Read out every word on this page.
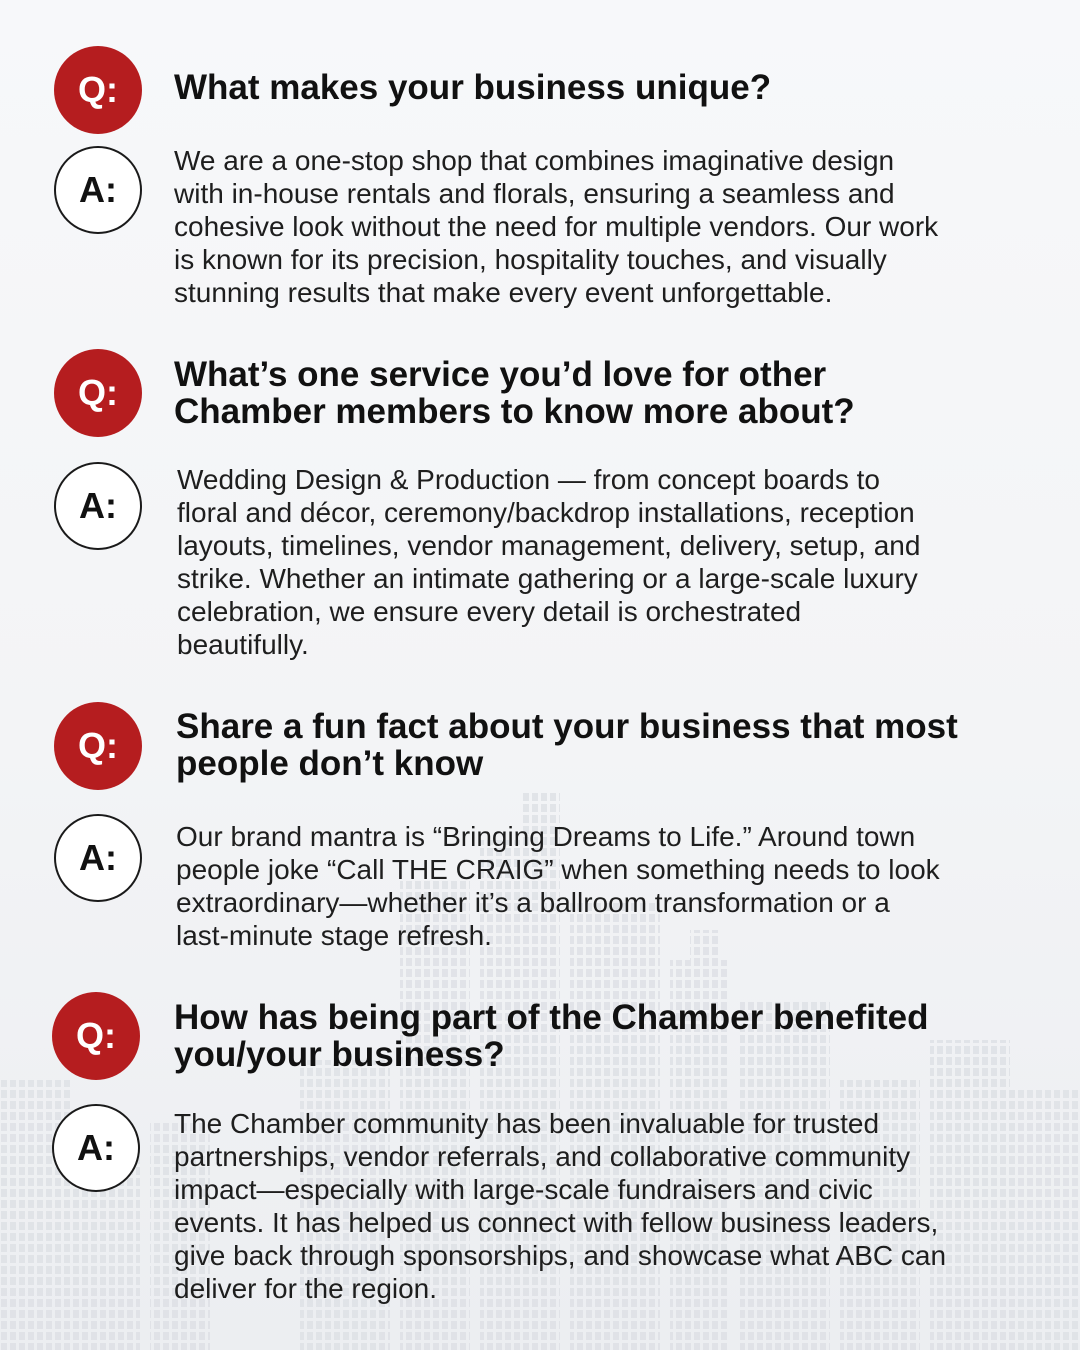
Q:	What makes your business unique?
A:

We are a one-stop shop that combines imaginative design
with in-house rentals and florals, ensuring a seamless and
cohesive look without the need for multiple vendors. Our work
is known for its precision, hospitality touches, and visually
stunning results that make every event unforgettable.

Q:	What’s one service you’d love for other
Chamber members to know more about?
A:

Wedding Design & Production — from concept boards to
floral and décor, ceremony/backdrop installations, reception
layouts, timelines, vendor management, delivery, setup, and
strike. Whether an intimate gathering or a large-scale luxury
celebration, we ensure every detail is orchestrated
beautifully.

Q:	Share a fun fact about your business that most
people don’t know
A:

Our brand mantra is “Bringing Dreams to Life.” Around town
people joke “Call THE CRAIG” when something needs to look
extraordinary—whether it’s a ballroom transformation or a
last-minute stage refresh.

Q:	How has being part of the Chamber benefited
you/your business?
A:

The Chamber community has been invaluable for trusted
partnerships, vendor referrals, and collaborative community
impact—especially with large-scale fundraisers and civic
events. It has helped us connect with fellow business leaders,
give back through sponsorships, and showcase what ABC can
deliver for the region.
